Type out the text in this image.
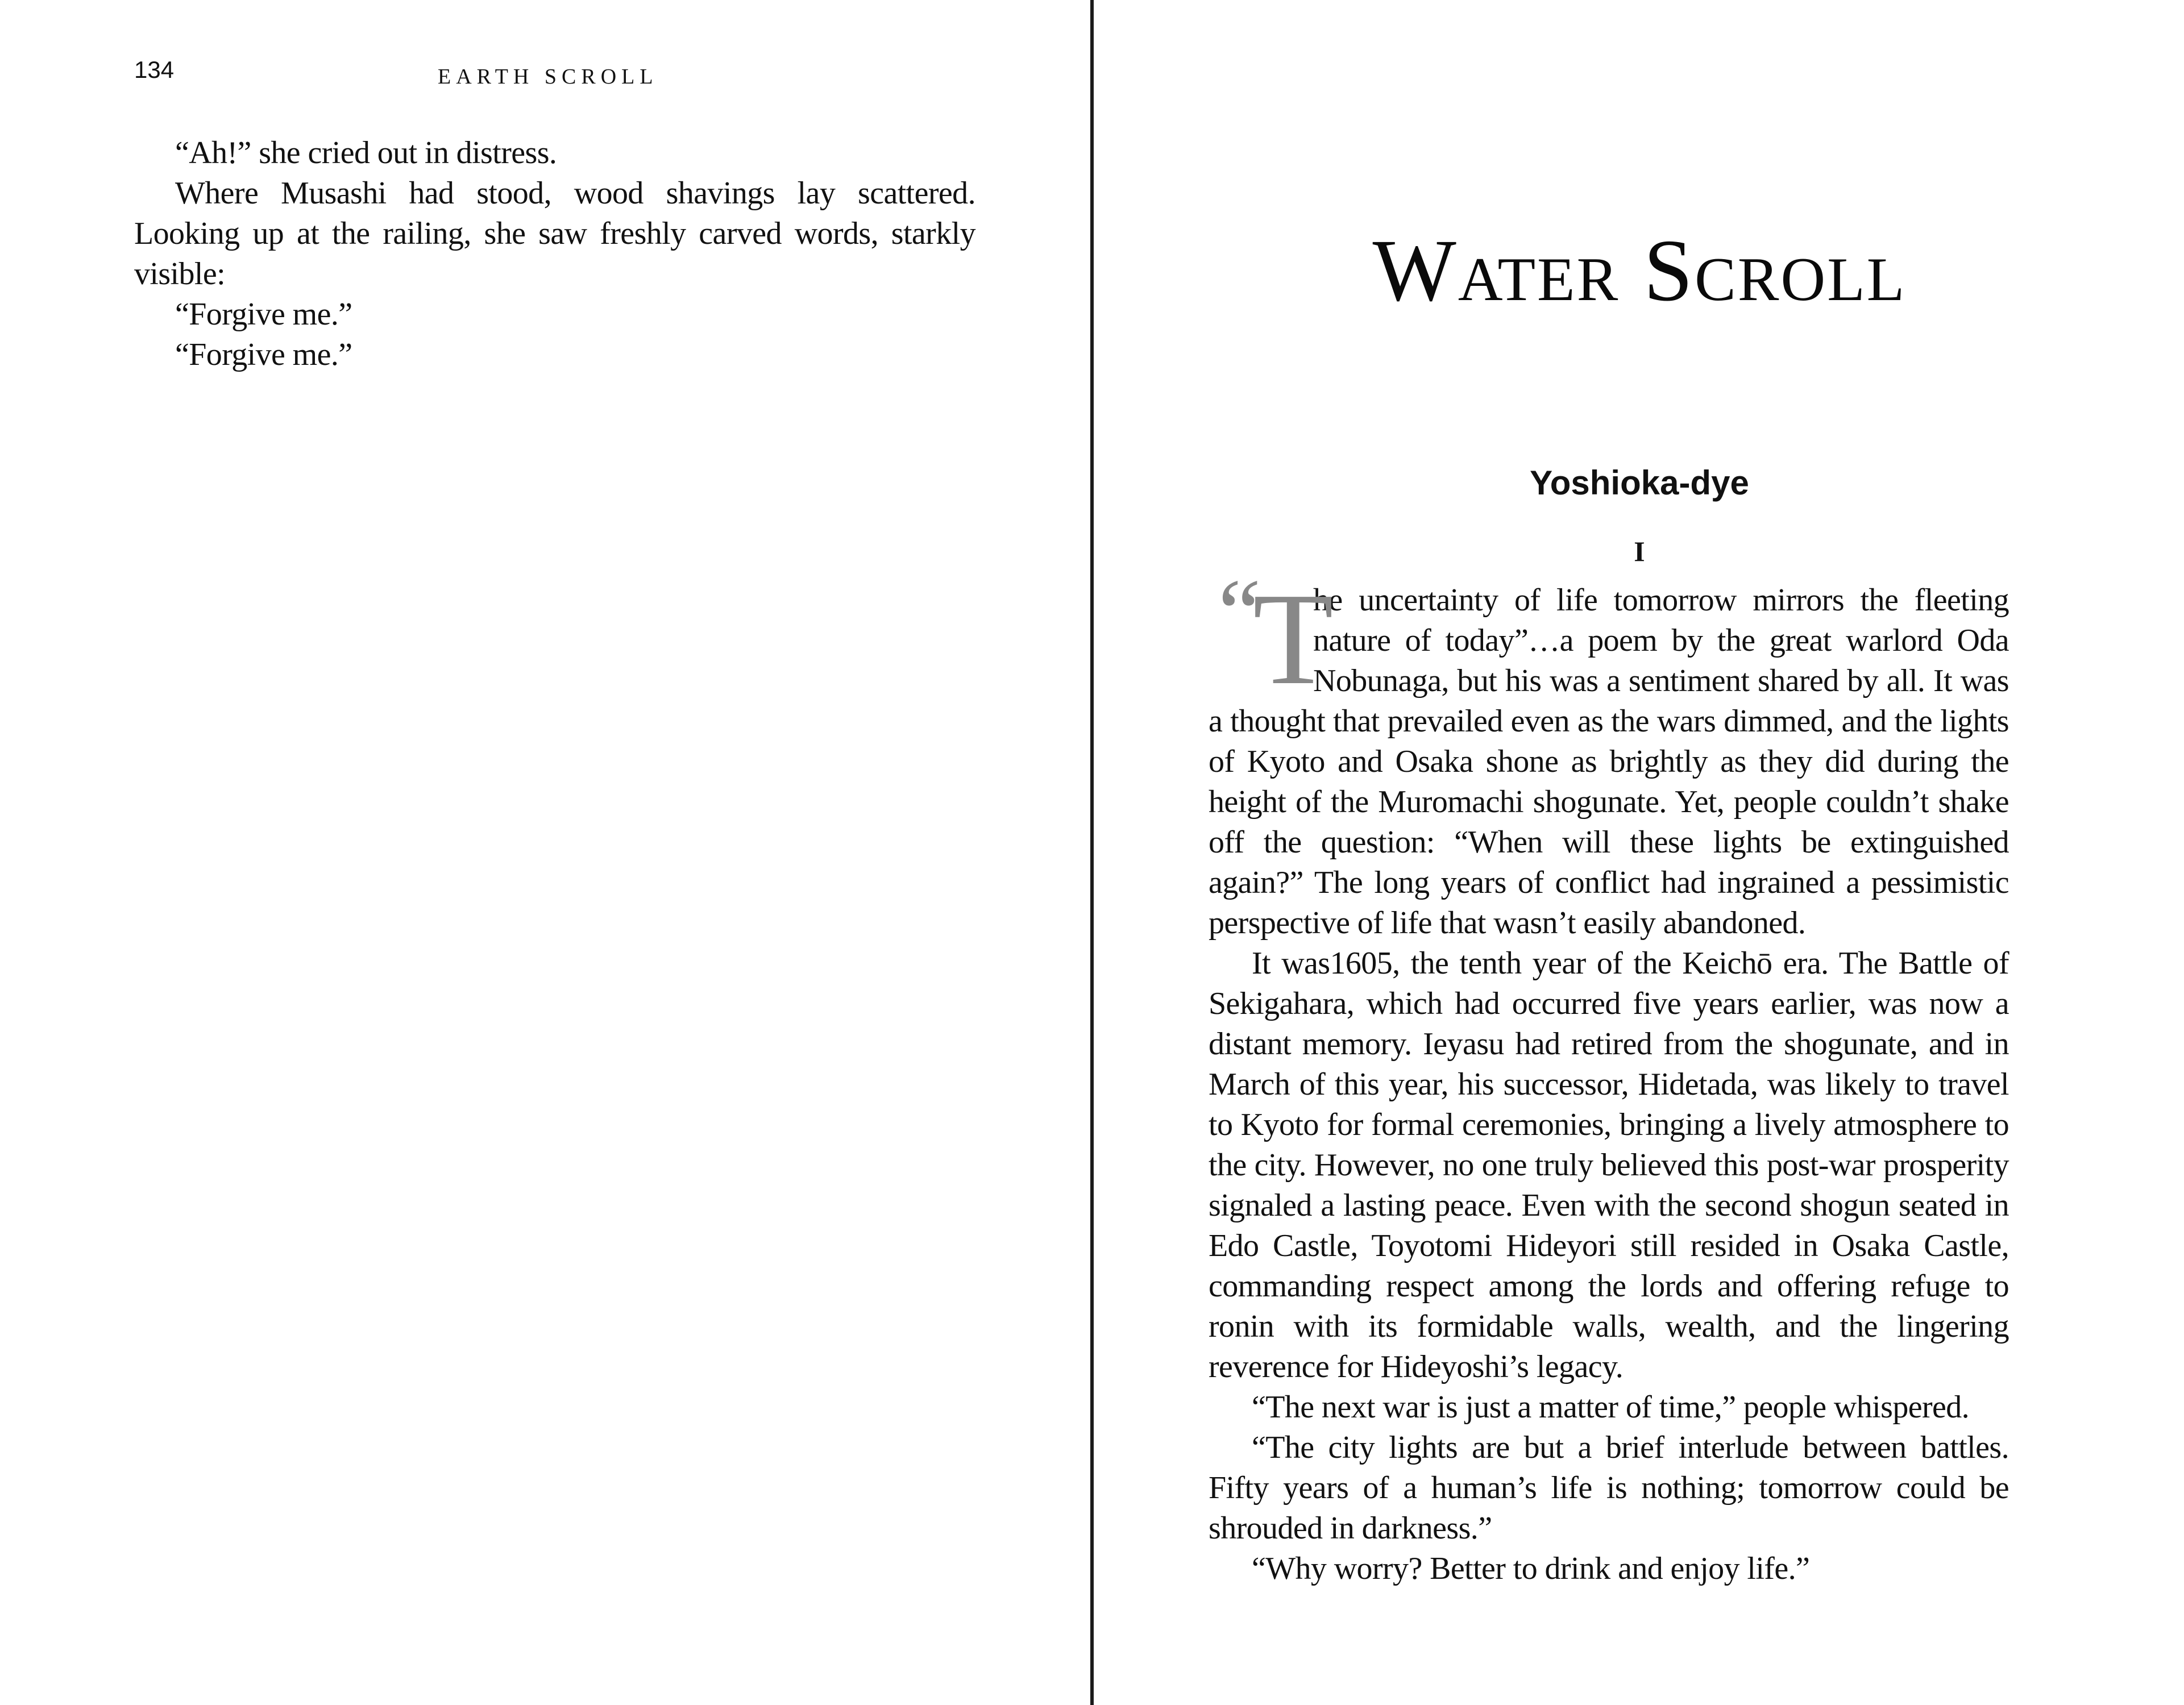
134	EARTH SCROLL

“Ah!” she cried out in distress.

Where Musashi had stood, wood shavings lay scattered. Looking up at the railing, she saw freshly carved words, starkly visible:

“Forgive me.”

“Forgive me.”

Water Scroll
Yoshioka-dye
I
“
T

he uncertainty of life tomorrow mirrors the fleeting nature of today”…a poem by the great warlord Oda Nobunaga, but his was a sentiment shared by all. It was a thought that prevailed even as the wars dimmed, and the lights of Kyoto and Osaka shone as brightly as they did during the height of the Muromachi shogunate. Yet, people couldn’t shake off the question: “When will these lights be extinguished again?” The long years of conflict had ingrained a pessimistic perspective of life that wasn’t easily abandoned.

It was1605, the tenth year of the Keichō era. The Battle of Sekigahara, which had occurred five years earlier, was now a distant memory. Ieyasu had retired from the shogunate, and in March of this year, his successor, Hidetada, was likely to travel to Kyoto for formal ceremonies, bringing a lively atmosphere to the city. However, no one truly believed this post-war prosperity signaled a lasting peace. Even with the second shogun seated in Edo Castle, Toyotomi Hideyori still resided in Osaka Castle, commanding respect among the lords and offering refuge to ronin with its formidable walls, wealth, and the lingering reverence for Hideyoshi’s legacy.

“The next war is just a matter of time,” people whispered.

“The city lights are but a brief interlude between battles. Fifty years of a human’s life is nothing; tomorrow could be shrouded in darkness.”

“Why worry? Better to drink and enjoy life.”
